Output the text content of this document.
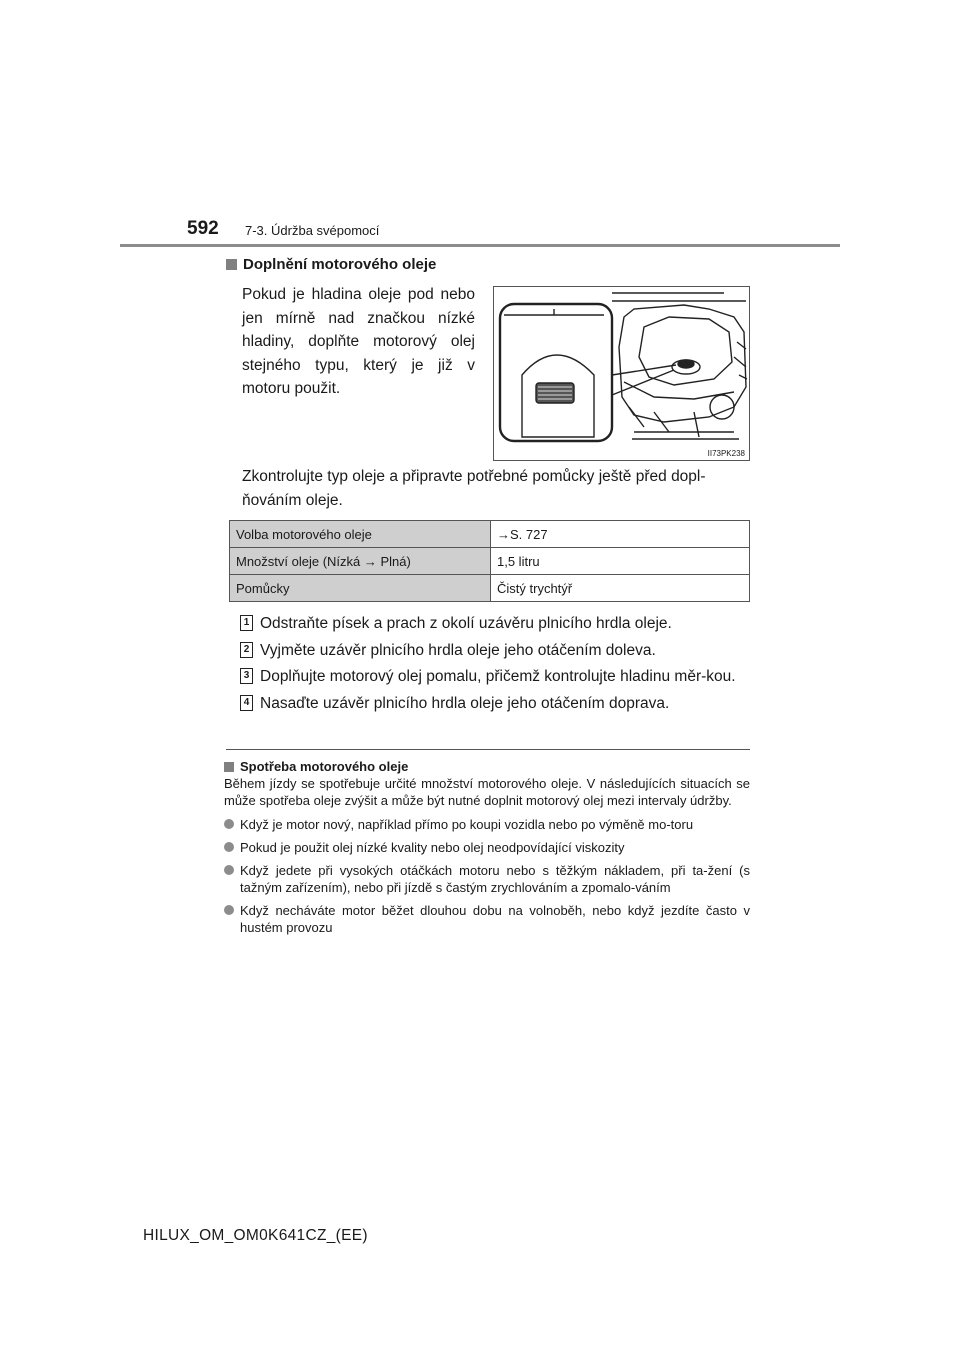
592 7-3. Údržba svépomocí
Doplnění motorového oleje
Pokud je hladina oleje pod nebo jen mírně nad značkou nízké hladiny, doplňte motorový olej stejného typu, který je již v motoru použit.
II73PK238
Zkontrolujte typ oleje a připravte potřebné pomůcky ještě před dopl-ňováním oleje.
Volba motorového oleje	→S. 727
Množství oleje (Nízká → Plná)	1,5 litru
Pomůcky	Čistý trychtýř
1 Odstraňte písek a prach z okolí uzávěru plnicího hrdla oleje.
2 Vyjměte uzávěr plnicího hrdla oleje jeho otáčením doleva.
3 Doplňujte motorový olej pomalu, přičemž kontrolujte hladinu měr-kou.
4 Nasaďte uzávěr plnicího hrdla oleje jeho otáčením doprava.
Spotřeba motorového oleje

Během jízdy se spotřebuje určité množství motorového oleje. V následujících situacích se může spotřeba oleje zvýšit a může být nutné doplnit motorový olej mezi intervaly údržby.

Když je motor nový, například přímo po koupi vozidla nebo po výměně mo-toru
Pokud je použit olej nízké kvality nebo olej neodpovídající viskozity
Když jedete při vysokých otáčkách motoru nebo s těžkým nákladem, při ta-žení (s tažným zařízením), nebo při jízdě s častým zrychlováním a zpomalo-váním
Když necháváte motor běžet dlouhou dobu na volnoběh, nebo když jezdíte často v hustém provozu
HILUX_OM_OM0K641CZ_(EE)
